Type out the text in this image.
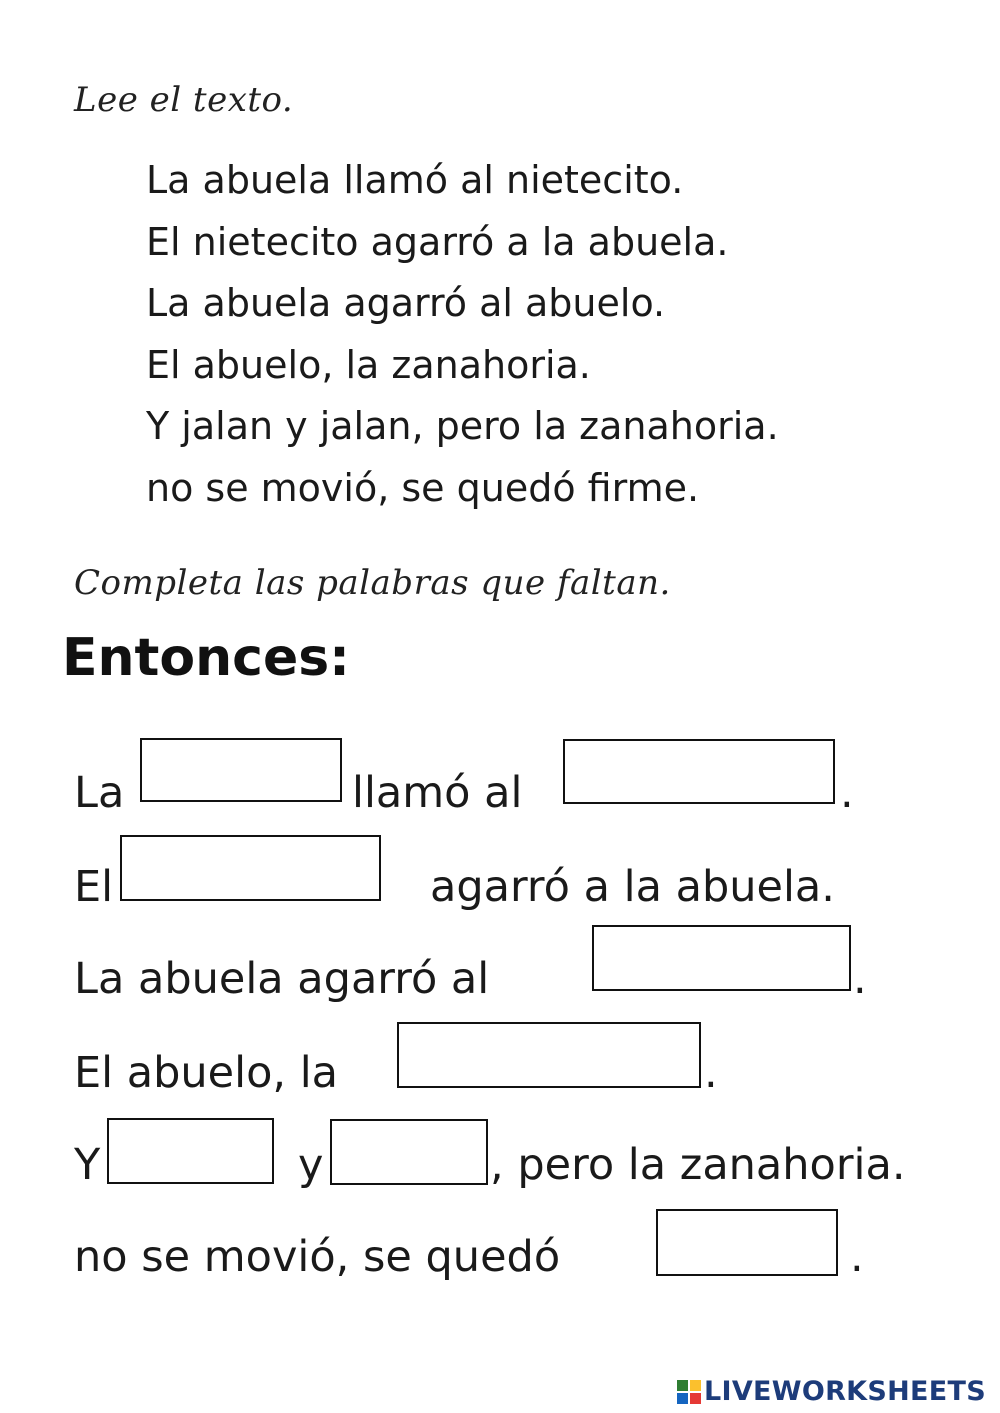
Lee el texto.
La abuela llamó al nietecito.
El nietecito agarró a la abuela.
La abuela agarró al abuelo.
El abuelo, la zanahoria.
Y jalan y jalan, pero la zanahoria.
no se movió, se quedó firme.
Completa las palabras que faltan.
Entonces:
La	llamó al	.
El	agarró a la abuela.
La abuela agarró al	.
El abuelo, la	.
Y	y	, pero la zanahoria.
no se movió, se quedó	.
LIVEWORKSHEETS
